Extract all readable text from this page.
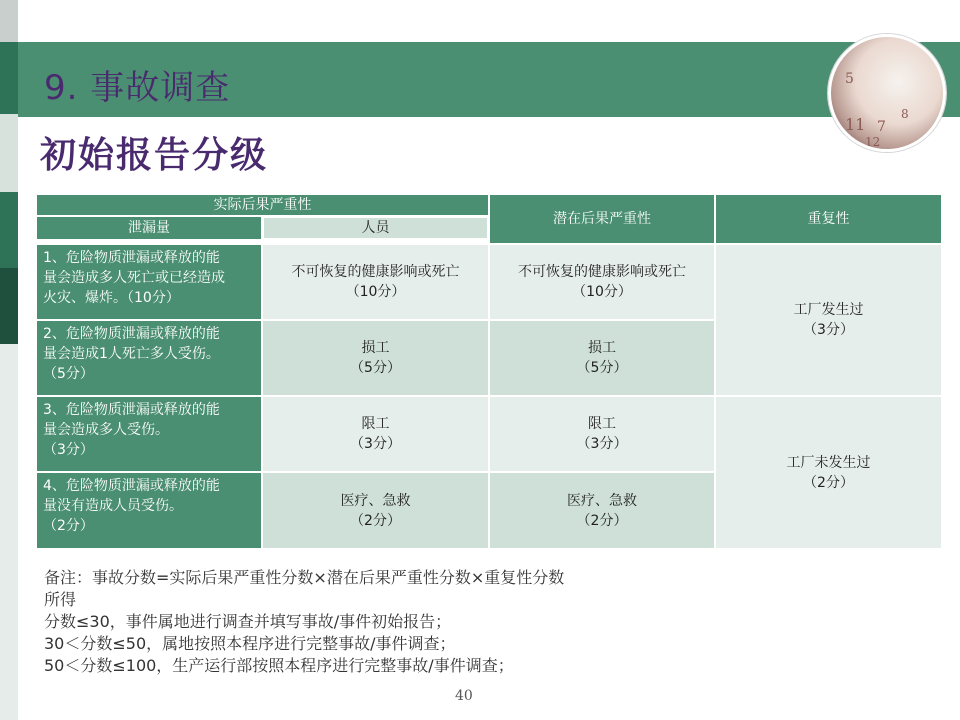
9. 事故调查
初始报告分级
5
11 7
12
8
实际后果严重性
泄漏量	人员
潜在后果严重性	重复性
1、危险物质泄漏或释放的能
量会造成多人死亡或已经造成
火灾、爆炸。（10分）
不可恢复的健康影响或死亡
（10分）
不可恢复的健康影响或死亡
（10分）
2、危险物质泄漏或释放的能
量会造成1人死亡多人受伤。
（5分）
损工
（5分）
损工
（5分）
3、危险物质泄漏或释放的能
量会造成多人受伤。
（3分）
限工
（3分）
限工
（3分）
4、危险物质泄漏或释放的能
量没有造成人员受伤。
（2分）
医疗、急救
（2分）
医疗、急救
（2分）
工厂发生过
（3分）
工厂未发生过
（2分）
备注：事故分数=实际后果严重性分数×潜在后果严重性分数×重复性分数
所得
分数≤30，事件属地进行调查并填写事故/事件初始报告；
30＜分数≤50，属地按照本程序进行完整事故/事件调查；
50＜分数≤100，生产运行部按照本程序进行完整事故/事件调查；
40
